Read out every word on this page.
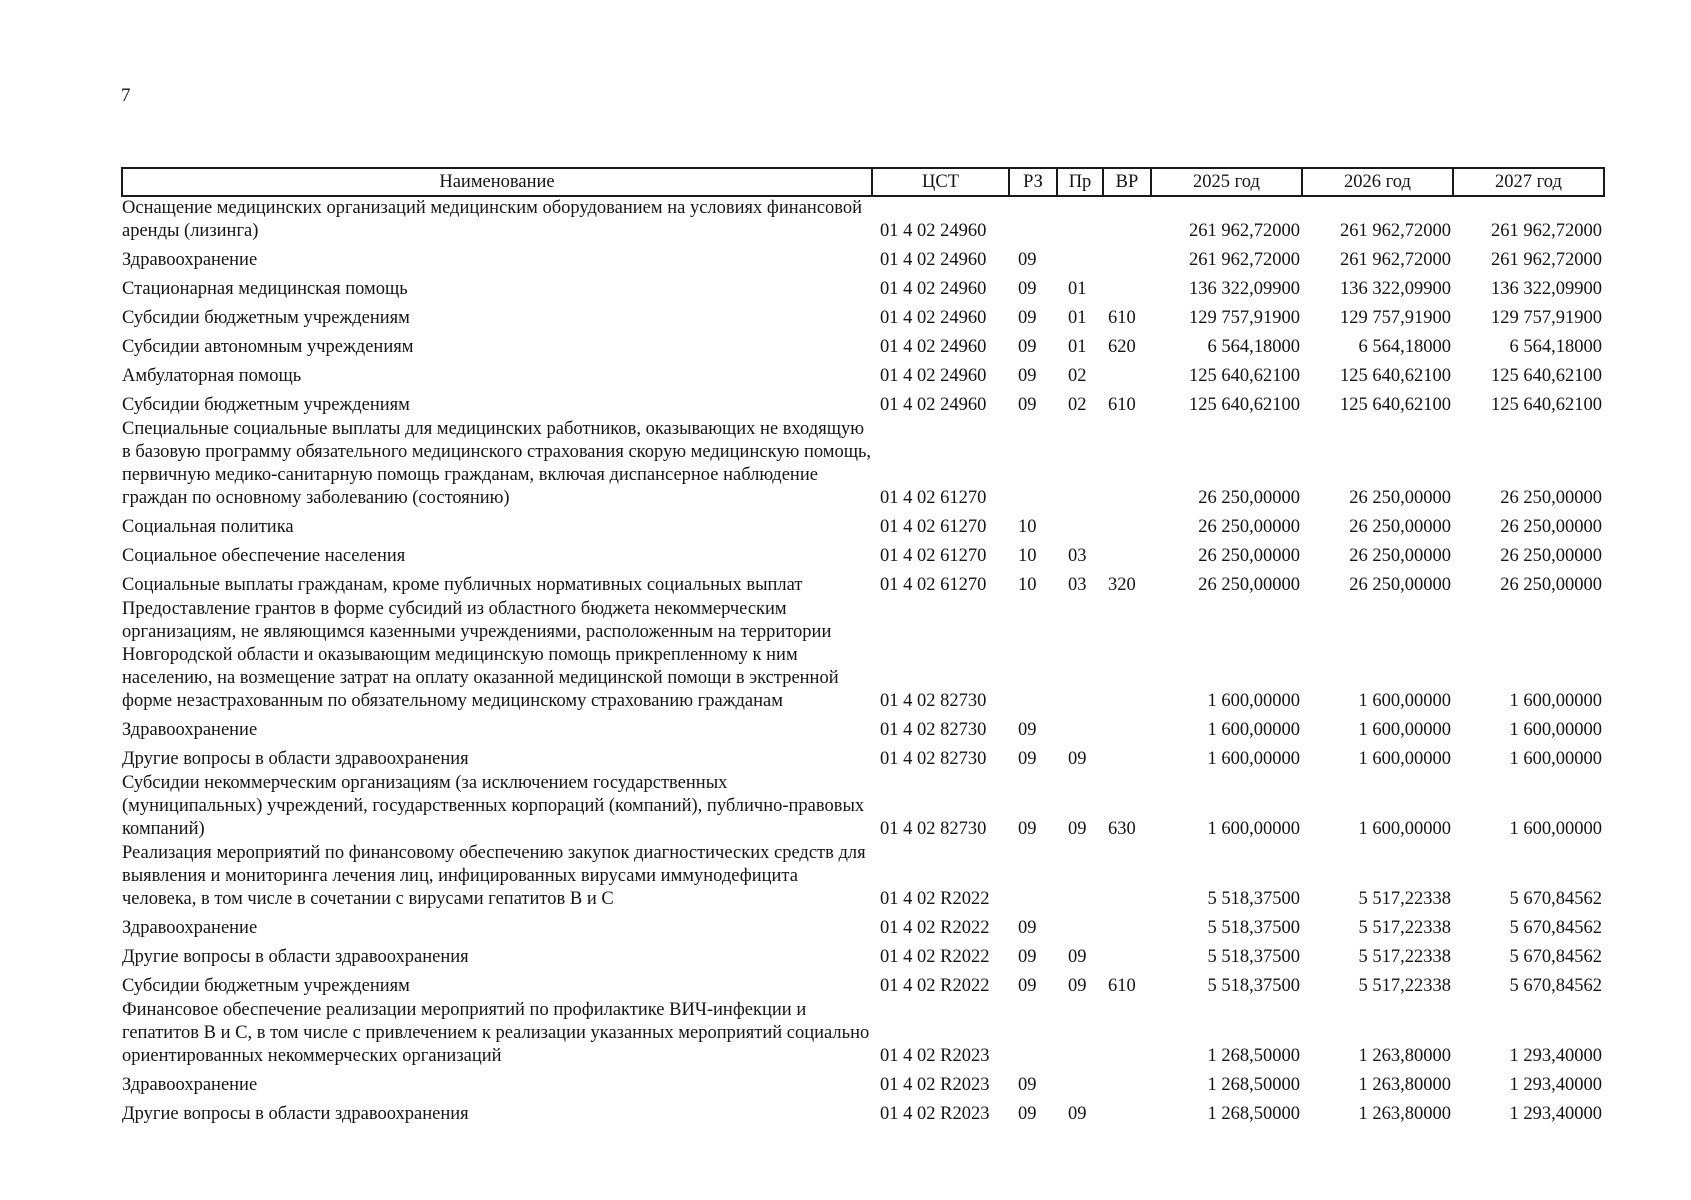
7
Наименование	ЦСТ	РЗ	Пр	ВР	2025 год	2026 год	2027 год
Оснащение медицинских организаций медицинским оборудованием на условиях финансовой аренды (лизинга)	01 4 02 24960				261 962,72000	261 962,72000	261 962,72000
Здравоохранение	01 4 02 24960	09			261 962,72000	261 962,72000	261 962,72000
Стационарная медицинская помощь	01 4 02 24960	09	01		136 322,09900	136 322,09900	136 322,09900
Субсидии бюджетным учреждениям	01 4 02 24960	09	01	610	129 757,91900	129 757,91900	129 757,91900
Субсидии автономным учреждениям	01 4 02 24960	09	01	620	6 564,18000	6 564,18000	6 564,18000
Амбулаторная помощь	01 4 02 24960	09	02		125 640,62100	125 640,62100	125 640,62100
Субсидии бюджетным учреждениям	01 4 02 24960	09	02	610	125 640,62100	125 640,62100	125 640,62100
Специальные социальные выплаты для медицинских работников, оказывающих не входящую в базовую программу обязательного медицинского страхования скорую медицинскую помощь, первичную медико-санитарную помощь гражданам, включая диспансерное наблюдение граждан по основному заболеванию (состоянию)	01 4 02 61270				26 250,00000	26 250,00000	26 250,00000
Социальная политика	01 4 02 61270	10			26 250,00000	26 250,00000	26 250,00000
Социальное обеспечение населения	01 4 02 61270	10	03		26 250,00000	26 250,00000	26 250,00000
Социальные выплаты гражданам, кроме публичных нормативных социальных выплат	01 4 02 61270	10	03	320	26 250,00000	26 250,00000	26 250,00000
Предоставление грантов в форме субсидий из областного бюджета некоммерческим организациям, не являющимся казенными учреждениями, расположенным на территории Новгородской области и оказывающим медицинскую помощь прикрепленному к ним населению, на возмещение затрат на оплату оказанной медицинской помощи в экстренной форме незастрахованным по обязательному медицинскому страхованию гражданам	01 4 02 82730				1 600,00000	1 600,00000	1 600,00000
Здравоохранение	01 4 02 82730	09			1 600,00000	1 600,00000	1 600,00000
Другие вопросы в области здравоохранения	01 4 02 82730	09	09		1 600,00000	1 600,00000	1 600,00000
Субсидии некоммерческим организациям (за исключением государственных (муниципальных) учреждений, государственных корпораций (компаний), публично-правовых компаний)	01 4 02 82730	09	09	630	1 600,00000	1 600,00000	1 600,00000
Реализация мероприятий по финансовому обеспечению закупок диагностических средств для выявления и мониторинга лечения лиц, инфицированных вирусами иммунодефицита человека, в том числе в сочетании с вирусами гепатитов В и С	01 4 02 R2022				5 518,37500	5 517,22338	5 670,84562
Здравоохранение	01 4 02 R2022	09			5 518,37500	5 517,22338	5 670,84562
Другие вопросы в области здравоохранения	01 4 02 R2022	09	09		5 518,37500	5 517,22338	5 670,84562
Субсидии бюджетным учреждениям	01 4 02 R2022	09	09	610	5 518,37500	5 517,22338	5 670,84562
Финансовое обеспечение реализации мероприятий по профилактике ВИЧ-инфекции и гепатитов В и С, в том числе с привлечением к реализации указанных мероприятий социально ориентированных некоммерческих организаций	01 4 02 R2023				1 268,50000	1 263,80000	1 293,40000
Здравоохранение	01 4 02 R2023	09			1 268,50000	1 263,80000	1 293,40000
Другие вопросы в области здравоохранения	01 4 02 R2023	09	09		1 268,50000	1 263,80000	1 293,40000
